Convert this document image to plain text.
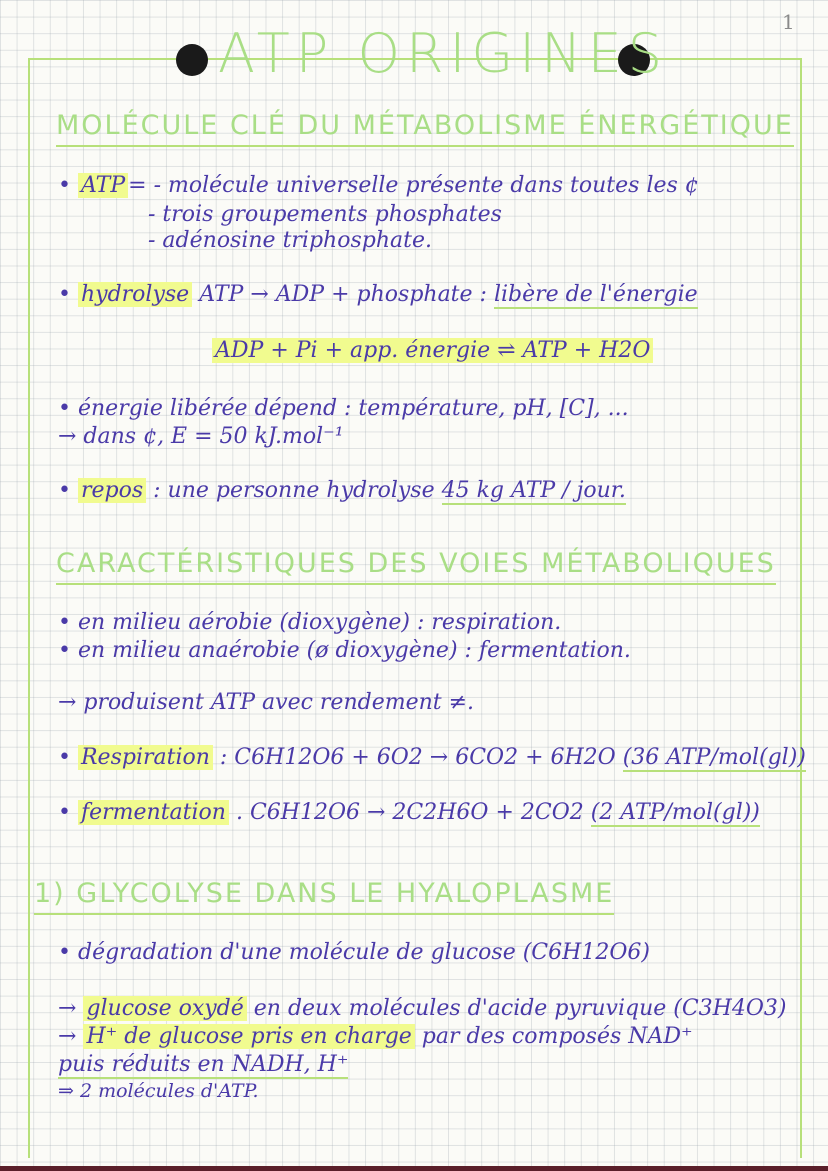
1
ATP ORIGINES
MOLÉCULE CLÉ DU MÉTABOLISME ÉNERGÉTIQUE
• ATP = - molécule universelle présente dans toutes les ¢
- trois groupements phosphates
- adénosine triphosphate.
• hydrolyse ATP → ADP + phosphate : libère de l'énergie
ADP + Pi + app. énergie ⇌ ATP + H2O
• énergie libérée dépend : température, pH, [C], ...
→ dans ¢, E = 50 kJ.mol⁻¹
• repos : une personne hydrolyse 45 kg ATP / jour.
CARACTÉRISTIQUES DES VOIES MÉTABOLIQUES
• en milieu aérobie (dioxygène) : respiration.
• en milieu anaérobie (ø dioxygène) : fermentation.
→ produisent ATP avec rendement ≠.
• Respiration : C6H12O6 + 6O2 → 6CO2 + 6H2O (36 ATP/mol(gl))
• fermentation . C6H12O6 → 2C2H6O + 2CO2 (2 ATP/mol(gl))
1) GLYCOLYSE DANS LE HYALOPLASME
• dégradation d'une molécule de glucose (C6H12O6)
→ glucose oxydé en deux molécules d'acide pyruvique (C3H4O3)
→ H⁺ de glucose pris en charge par des composés NAD⁺
puis réduits en NADH, H⁺
⇒ 2 molécules d'ATP.
